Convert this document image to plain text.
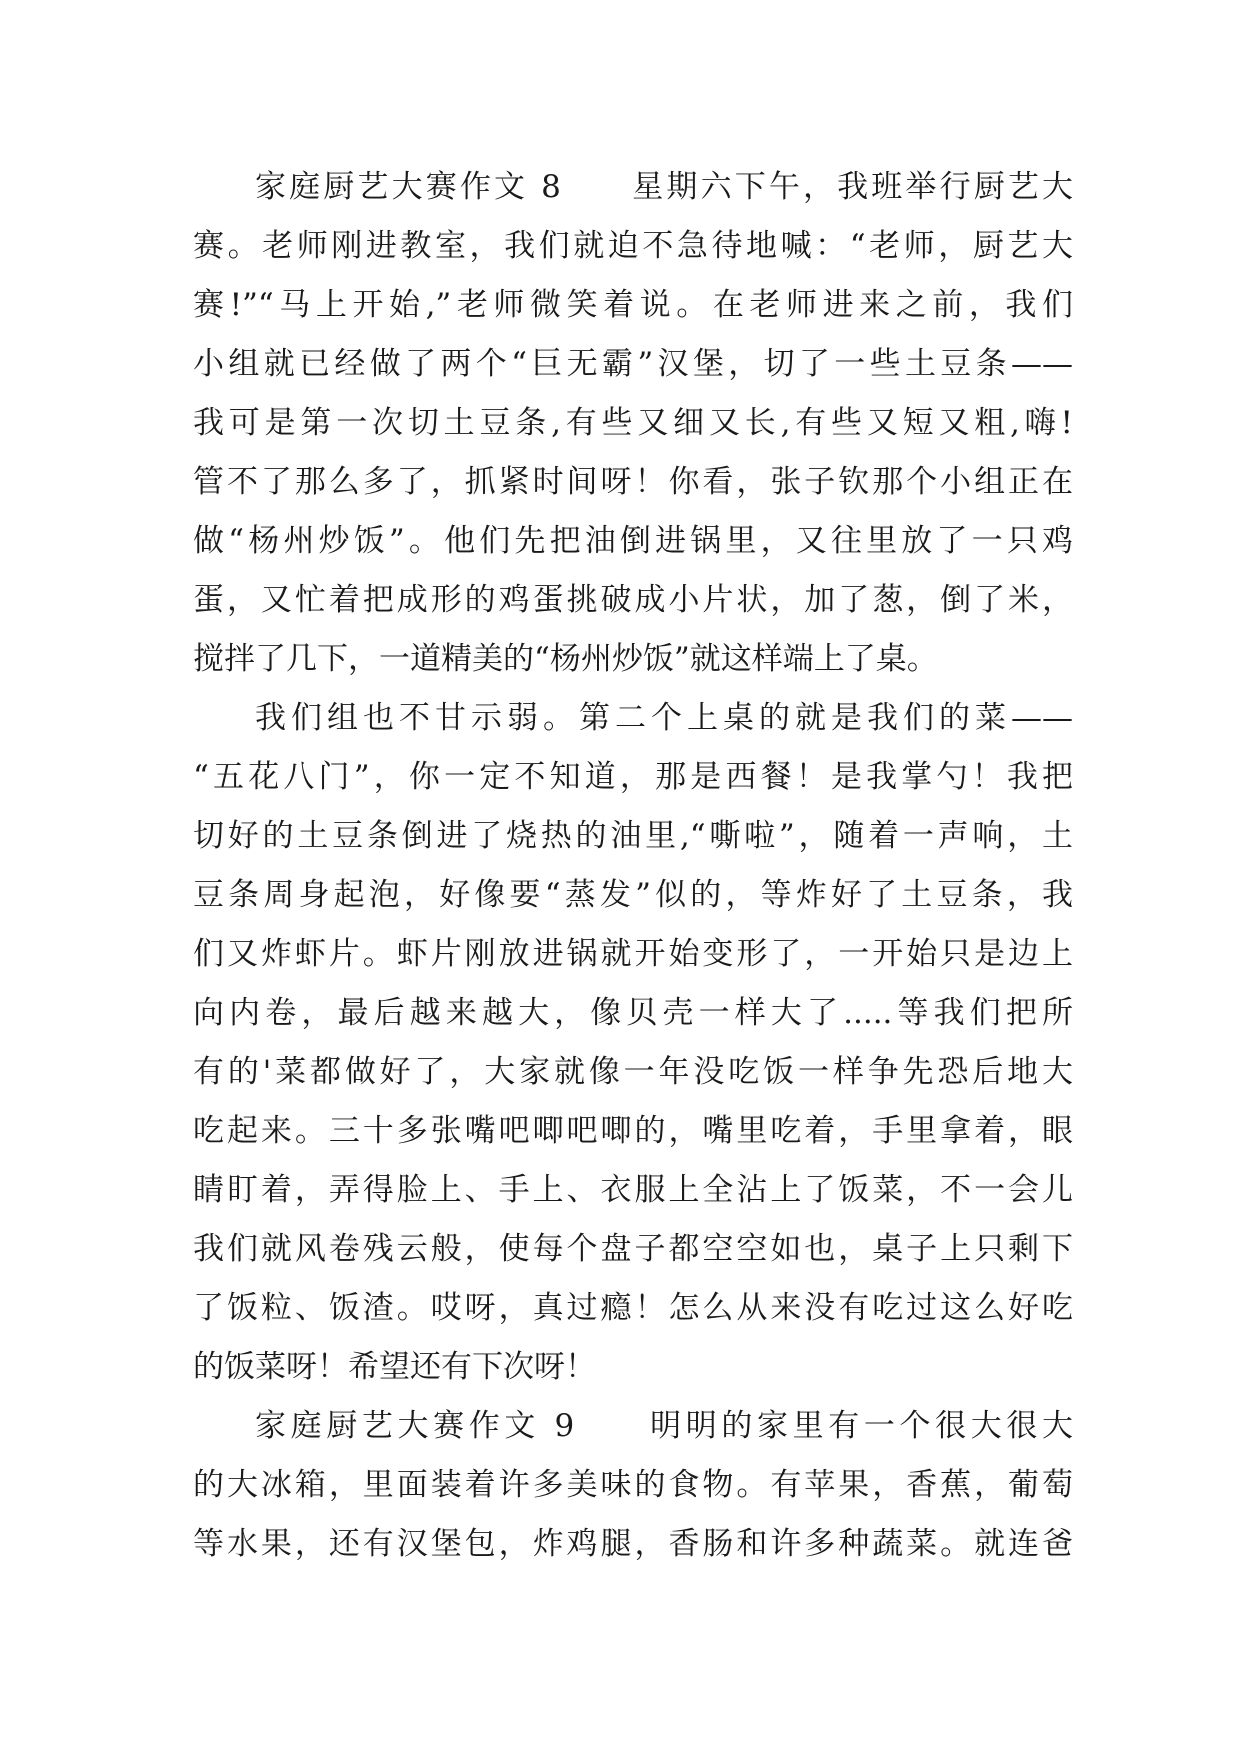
家庭厨艺大赛作文 8　　星期六下午，我班举行厨艺大
赛。老师刚进教室，我们就迫不急待地喊：“老师，厨艺大
赛!”“马上开始,”老师微笑着说。在老师进来之前，我们
小组就已经做了两个“巨无霸”汉堡，切了一些土豆条——
我可是第一次切土豆条,有些又细又长,有些又短又粗,嗨!
管不了那么多了，抓紧时间呀！你看，张子钦那个小组正在
做“杨州炒饭”。他们先把油倒进锅里，又往里放了一只鸡
蛋，又忙着把成形的鸡蛋挑破成小片状，加了葱，倒了米，
搅拌了几下，一道精美的“杨州炒饭”就这样端上了桌。
我们组也不甘示弱。第二个上桌的就是我们的菜——
“五花八门”，你一定不知道，那是西餐！是我掌勺！我把
切好的土豆条倒进了烧热的油里,“嘶啦”，随着一声响，土
豆条周身起泡，好像要“蒸发”似的，等炸好了土豆条，我
们又炸虾片。虾片刚放进锅就开始变形了，一开始只是边上
向内卷，最后越来越大，像贝壳一样大了.....等我们把所
有的'菜都做好了，大家就像一年没吃饭一样争先恐后地大
吃起来。三十多张嘴吧唧吧唧的，嘴里吃着，手里拿着，眼
睛盯着，弄得脸上、手上、衣服上全沾上了饭菜，不一会儿
我们就风卷残云般，使每个盘子都空空如也，桌子上只剩下
了饭粒、饭渣。哎呀，真过瘾！怎么从来没有吃过这么好吃
的饭菜呀！希望还有下次呀！
家庭厨艺大赛作文 9　　明明的家里有一个很大很大
的大冰箱，里面装着许多美味的食物。有苹果，香蕉，葡萄
等水果，还有汉堡包，炸鸡腿，香肠和许多种蔬菜。就连爸
